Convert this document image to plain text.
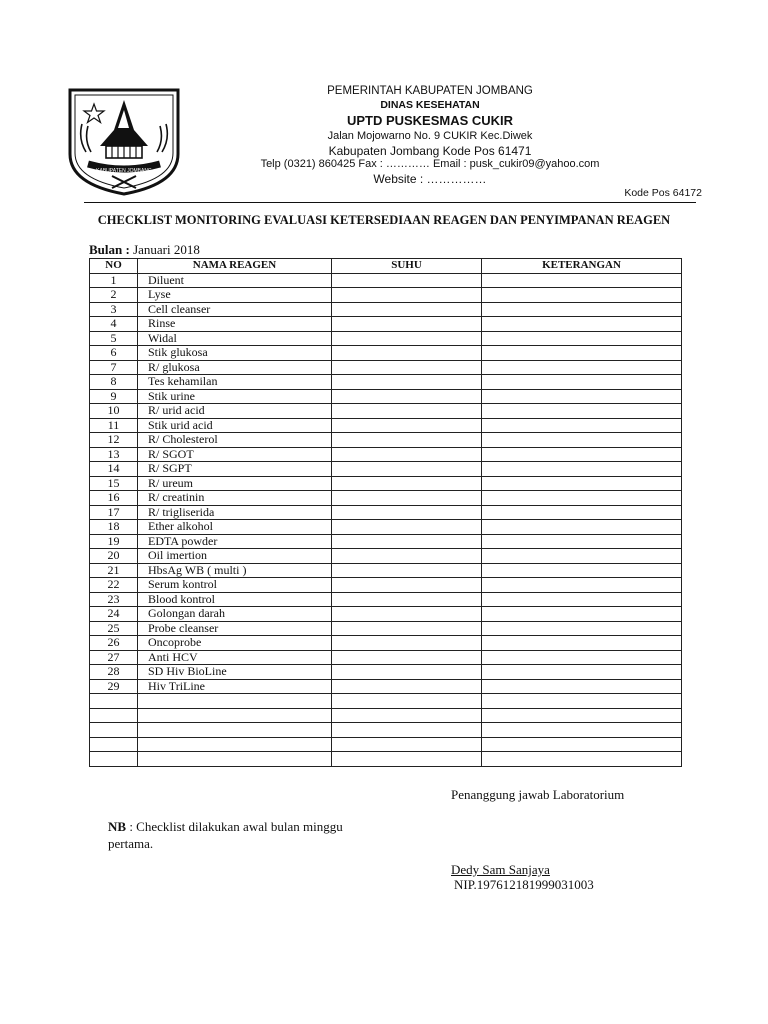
KABUPATEN JOMBANG
PEMERINTAH KABUPATEN JOMBANG
DINAS KESEHATAN
UPTD PUSKESMAS CUKIR
Jalan Mojowarno No. 9 CUKIR Kec.Diwek
Kabupaten Jombang Kode Pos 61471
Telp (0321) 860425 Fax : ………… Email : pusk_cukir09@yahoo.com
Website : ……………
Kode Pos 64172
CHECKLIST MONITORING EVALUASI KETERSEDIAAN REAGEN DAN PENYIMPANAN REAGEN
Bulan : Januari 2018
NO	NAMA REAGEN	SUHU	KETERANGAN
1	Diluent		
2	Lyse		
3	Cell cleanser		
4	Rinse		
5	Widal		
6	Stik glukosa		
7	R/ glukosa		
8	Tes kehamilan		
9	Stik urine		
10	R/ urid acid		
11	Stik urid acid		
12	R/ Cholesterol		
13	R/ SGOT		
14	R/ SGPT		
15	R/ ureum		
16	R/ creatinin		
17	R/ trigliserida		
18	Ether alkohol		
19	EDTA powder		
20	Oil imertion		
21	HbsAg WB ( multi )		
22	Serum kontrol		
23	Blood kontrol		
24	Golongan darah		
25	Probe cleanser		
26	Oncoprobe		
27	Anti HCV		
28	SD Hiv BioLine		
29	Hiv TriLine		

Penanggung jawab Laboratorium
NB : Checklist dilakukan awal bulan minggu pertama.
Dedy Sam Sanjaya
NIP.197612181999031003
